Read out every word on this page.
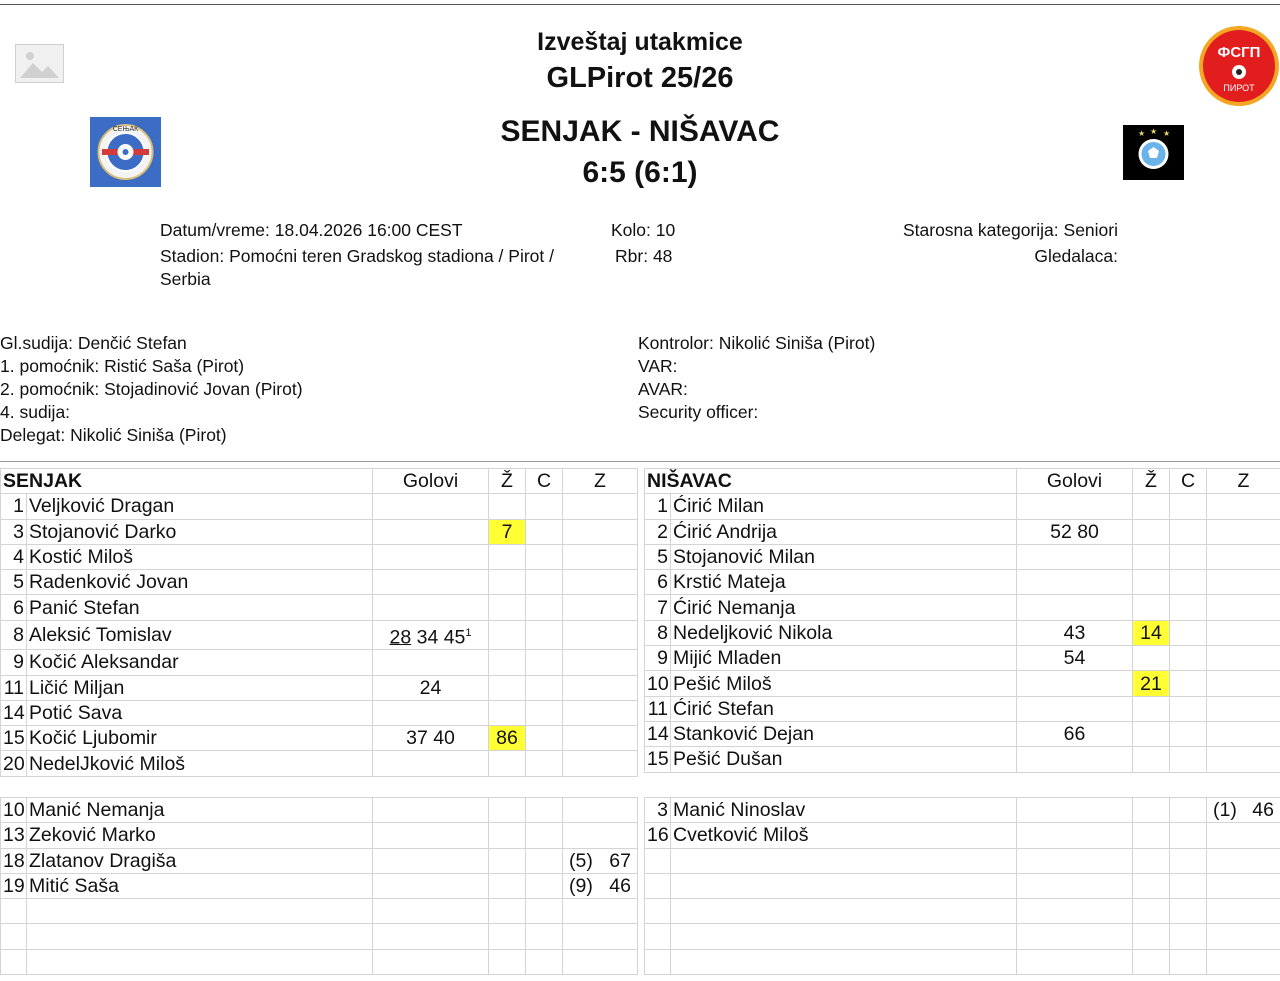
Izveštaj utakmice
GLPirot 25/26
SENJAK - NIŠAVAC
6:5 (6:1)
ФСГП
ПИРОТ
СЕЊАК	★ ★ ★
Datum/vreme: 18.04.2026 16:00 CEST
Stadion: Pomoćni teren Gradskog stadiona / Pirot /
Serbia
Kolo: 10
Rbr: 48
Starosna kategorija: Seniori
Gledalaca:
Gl.sudija: Denčić Stefan
1. pomoćnik: Ristić Saša (Pirot)
2. pomoćnik: Stojadinović Jovan (Pirot)
4. sudija:
Delegat: Nikolić Siniša (Pirot)
Kontrolor: Nikolić Siniša (Pirot)
VAR:
AVAR:
Security officer:
SENJAK		Golovi	Ž	C	Z
1	Veljković Dragan				
3	Stojanović Darko		7		
4	Kostić Miloš				
5	Radenković Jovan				
6	Panić Stefan				
8	Aleksić Tomislav	28 34 $45^1$			
9	Kočić Aleksandar				
11	Ličić Miljan	24			
14	Potić Sava				
15	Kočić Ljubomir	37 40	86		
20	NedelJković Miloš				
10	Manić Nemanja				
13	Zeković Marko				
18	Zlatanov Dragiša				(5) 67

19	Mitić Saša				(9) 46

NIŠAVAC		Golovi	Ž	C	Z
1	Ćirić Milan				
2	Ćirić Andrija	52 80			
5	Stojanović Milan				
6	Krstić Mateja				
7	Ćirić Nemanja				
8	Nedeljković Nikola	43	14		
9	Mijić Mladen	54			
10	Pešić Miloš		21		
11	Ćirić Stefan				
14	Stanković Dejan	66			
15	Pešić Dušan				
3	Manić Ninoslav				(1) 46

16	Cvetković Miloš				
